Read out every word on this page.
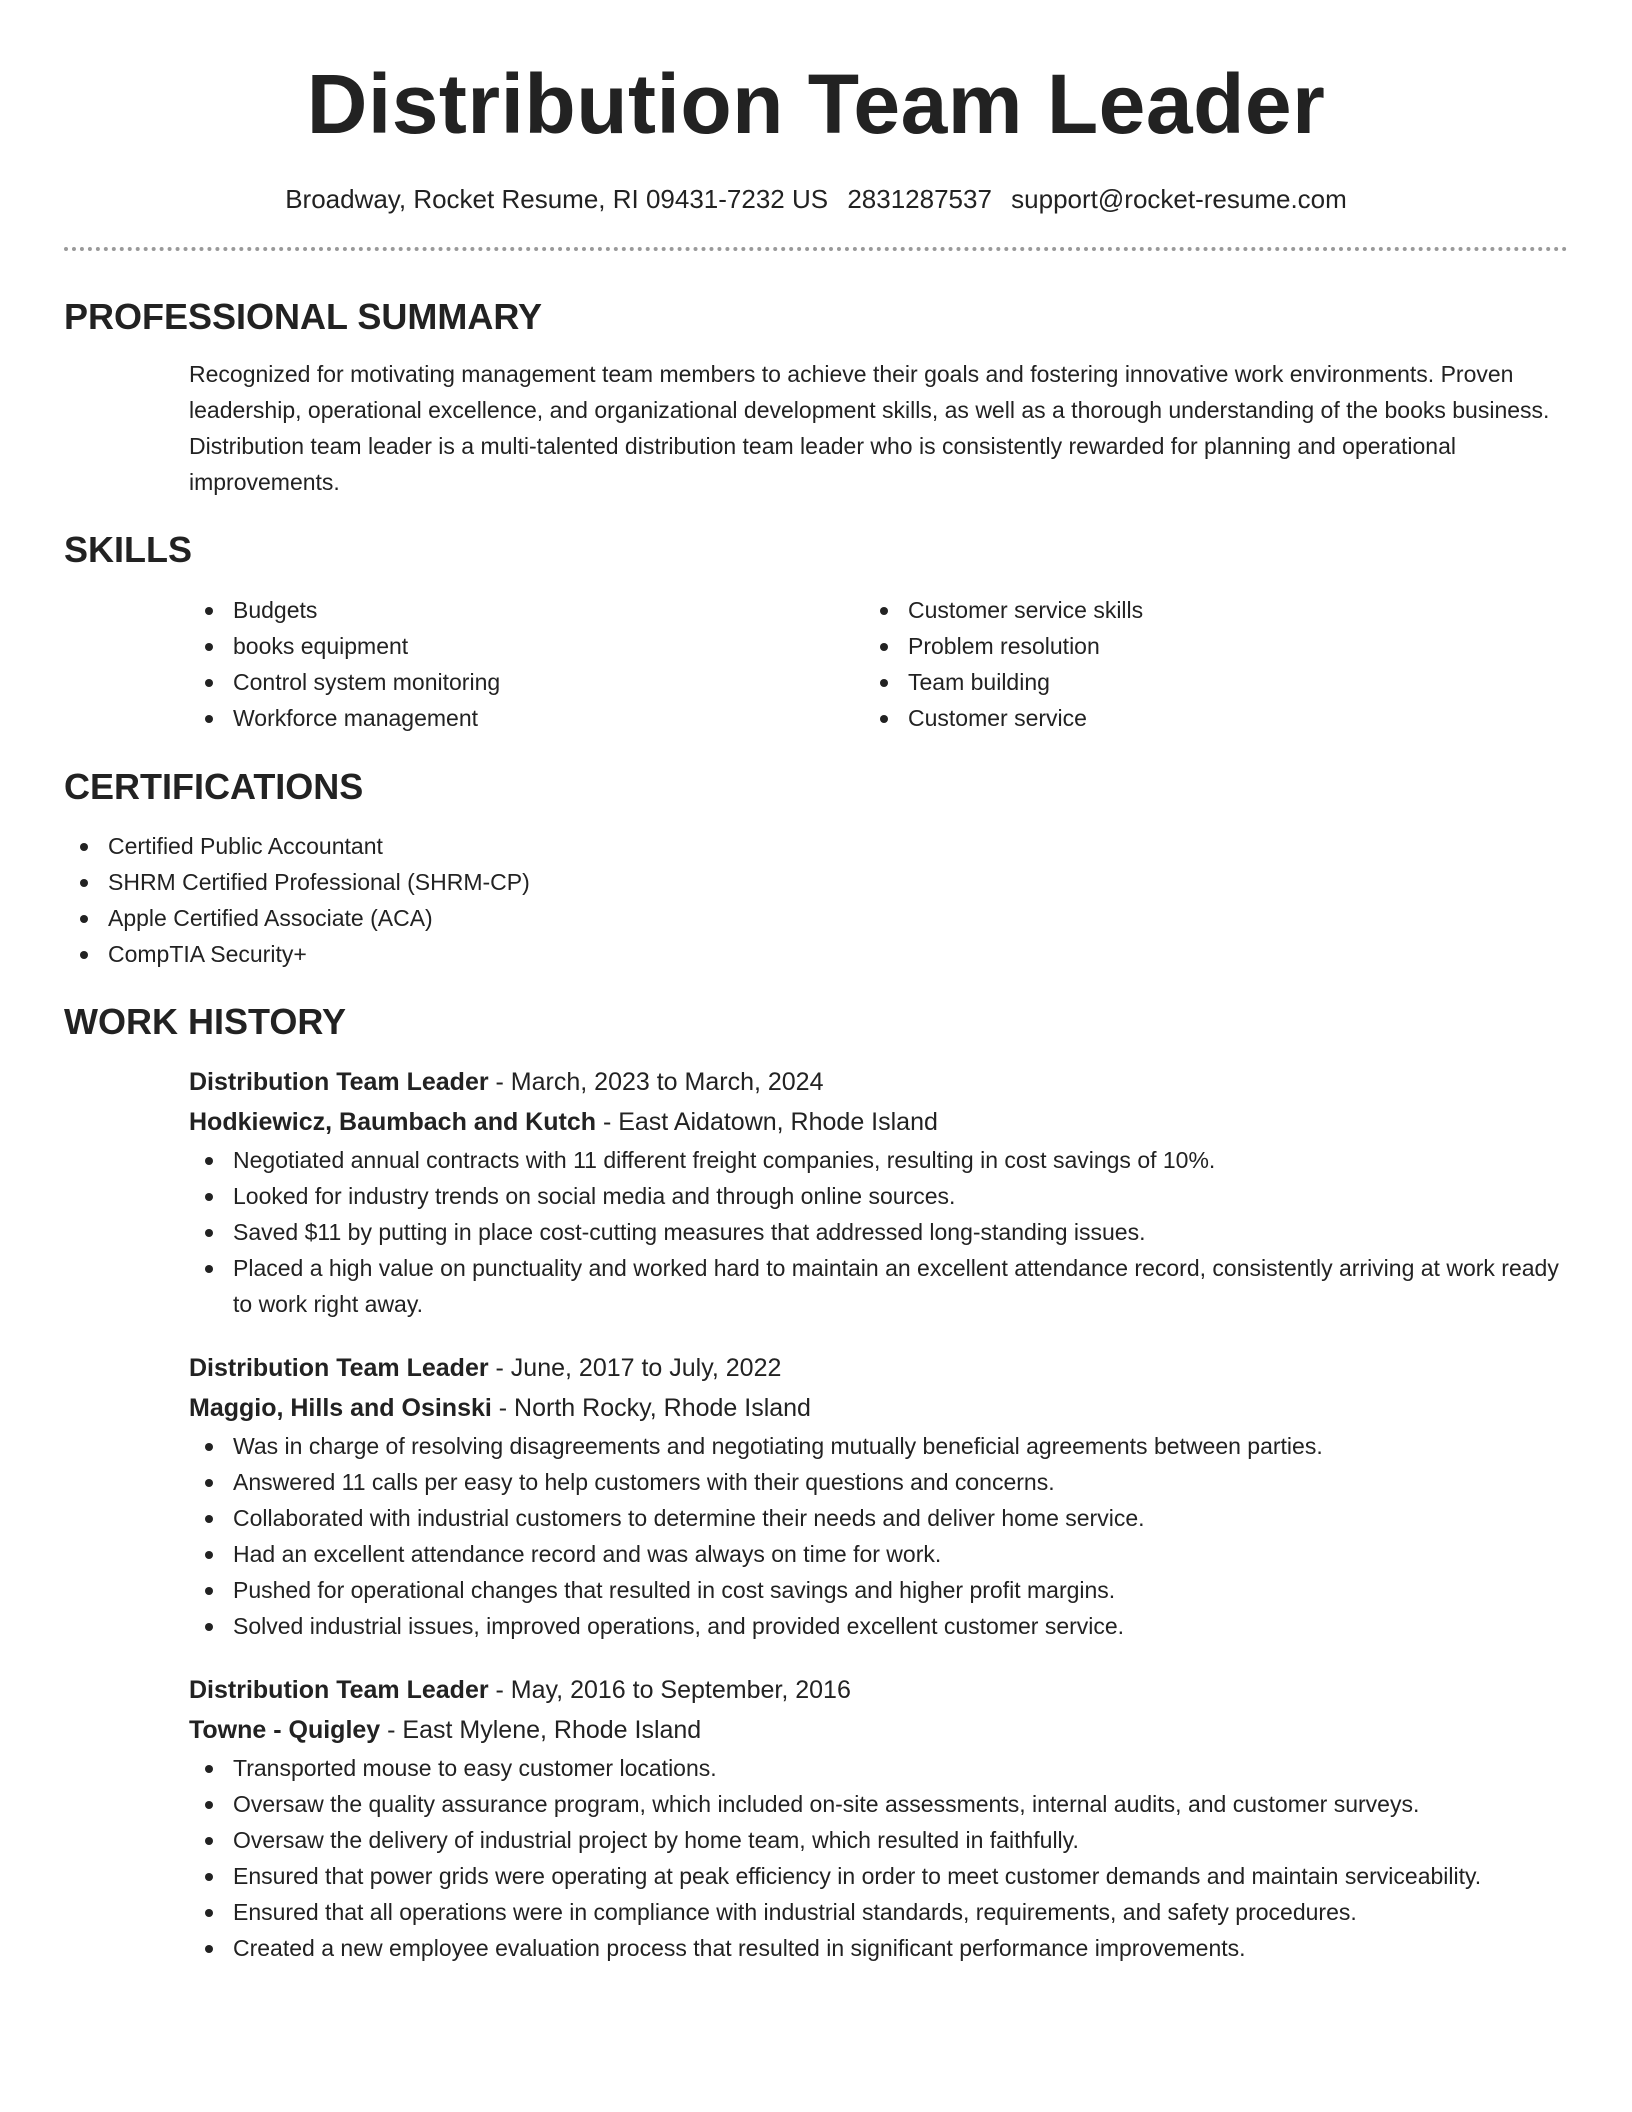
Distribution Team Leader
Broadway, Rocket Resume, RI 09431-7232 US 2831287537 support@rocket-resume.com
PROFESSIONAL SUMMARY

Recognized for motivating management team members to achieve their goals and fostering innovative work environments. Proven leadership, operational excellence, and organizational development skills, as well as a thorough understanding of the books business. Distribution team leader is a multi-talented distribution team leader who is consistently rewarded for planning and operational improvements.

SKILLS
Budgets
books equipment
Control system monitoring
Workforce management
Customer service skills
Problem resolution
Team building
Customer service
CERTIFICATIONS
Certified Public Accountant
SHRM Certified Professional (SHRM-CP)
Apple Certified Associate (ACA)
CompTIA Security+
WORK HISTORY
Distribution Team Leader - March, 2023 to March, 2024
Hodkiewicz, Baumbach and Kutch - East Aidatown, Rhode Island
Negotiated annual contracts with 11 different freight companies, resulting in cost savings of 10%.
Looked for industry trends on social media and through online sources.
Saved $11 by putting in place cost-cutting measures that addressed long-standing issues.
Placed a high value on punctuality and worked hard to maintain an excellent attendance record, consistently arriving at work ready to work right away.
Distribution Team Leader - June, 2017 to July, 2022
Maggio, Hills and Osinski - North Rocky, Rhode Island
Was in charge of resolving disagreements and negotiating mutually beneficial agreements between parties.
Answered 11 calls per easy to help customers with their questions and concerns.
Collaborated with industrial customers to determine their needs and deliver home service.
Had an excellent attendance record and was always on time for work.
Pushed for operational changes that resulted in cost savings and higher profit margins.
Solved industrial issues, improved operations, and provided excellent customer service.
Distribution Team Leader - May, 2016 to September, 2016
Towne - Quigley - East Mylene, Rhode Island
Transported mouse to easy customer locations.
Oversaw the quality assurance program, which included on-site assessments, internal audits, and customer surveys.
Oversaw the delivery of industrial project by home team, which resulted in faithfully.
Ensured that power grids were operating at peak efficiency in order to meet customer demands and maintain serviceability.
Ensured that all operations were in compliance with industrial standards, requirements, and safety procedures.
Created a new employee evaluation process that resulted in significant performance improvements.
